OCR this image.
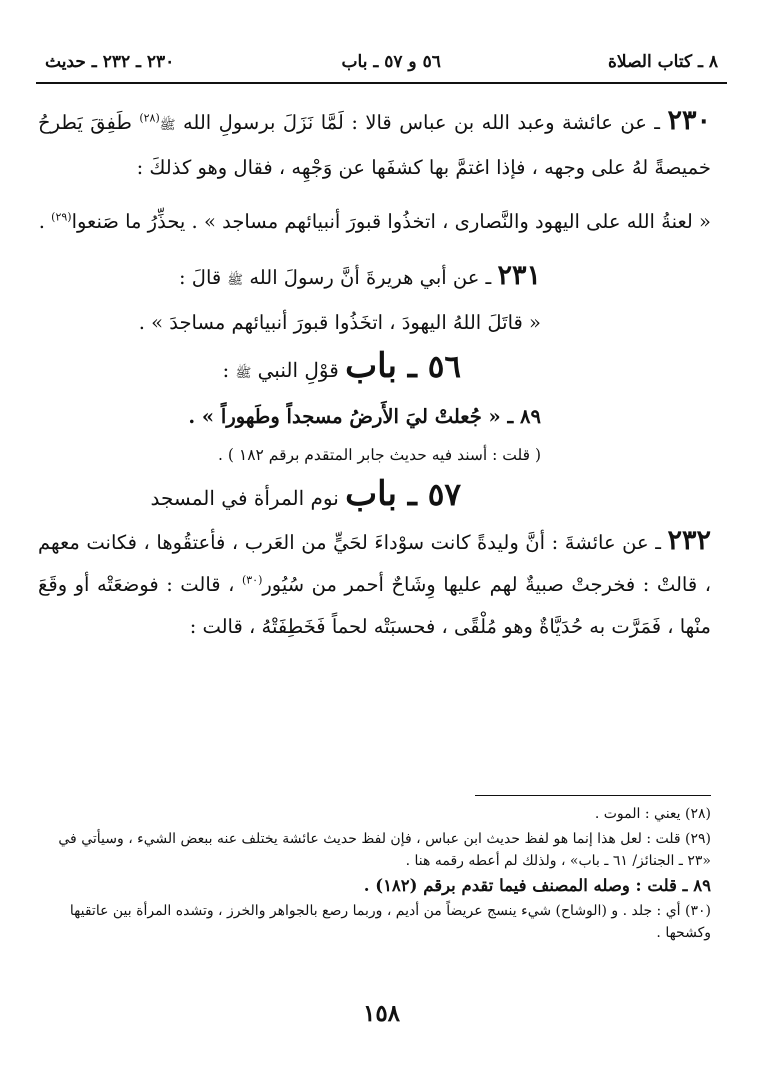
٨ ـ كتاب الصلاة
٥٦ و ٥٧ ـ باب
٢٣٠ ـ ٢٣٢ ـ حديث

٢٣٠ ـ عن عائشة وعبد الله بن عباس قالا : لَمَّا نَزَلَ برسولِ الله ﷺ$^{(٢٨)}$ طَفِقَ يَطرحُ خميصةً لهُ على وجهه ، فإذا اغتمَّ بها كشفَها عن وَجْهِه ، فقال وهو كذلكَ :

« لعنةُ الله على اليهود والنَّصارى ، اتخذُوا قبورَ أنبيائهم مساجد » . يحذِّرُ ما صَنعوا$^{(٢٩)}$ .

٢٣١ ـ عن أبي هريرةَ أنَّ رسولَ الله ﷺ قالَ :

« قاتَلَ اللهُ اليهودَ ، اتخَذُوا قبورَ أنبيائهم مساجدَ » .

٥٦ ـ باب قوْلِ النبي ﷺ :

٨٩ ـ « جُعلتْ ليَ الأَرضُ مسجداً وطَهوراً » .

( قلت : أسند فيه حديث جابر المتقدم برقم ١٨٢ ) .

٥٧ ـ باب نوم المرأة في المسجد

٢٣٢ ـ عن عائشةَ : أنَّ وليدةً كانت سوْداءَ لحَيٍّ من العَرب ، فأعتقُوها ، فكانت معهم ، قالتْ : فخرجتْ صبيةٌ لهم عليها وِشَاحٌ أحمر من سُيُور$^{(٣٠)}$ ، قالت : فوضعَتْه أو وقَعَ منْها ، فَمَرَّت به حُدَيَّاةٌ وهو مُلْقًى ، فحسبَتْه لحماً فَخَطِفَتْهُ ، قالت :

(٢٨) يعني : الموت .

(٢٩) قلت : لعل هذا إنما هو لفظ حديث ابن عباس ، فإن لفظ حديث عائشة يختلف عنه ببعض الشيء ، وسيأتي في «٢٣ ـ الجنائز/ ٦١ ـ باب» ، ولذلك لم أعطه رقمه هنا .

٨٩ ـ قلت : وصله المصنف فيما تقدم برقم (١٨٢) .

(٣٠) أي : جلد . و (الوشاح) شيء ينسج عريضاً من أديم ، وربما رصع بالجواهر والخرز ، وتشده المرأة بين عاتقيها وكشحها .

١٥٨
